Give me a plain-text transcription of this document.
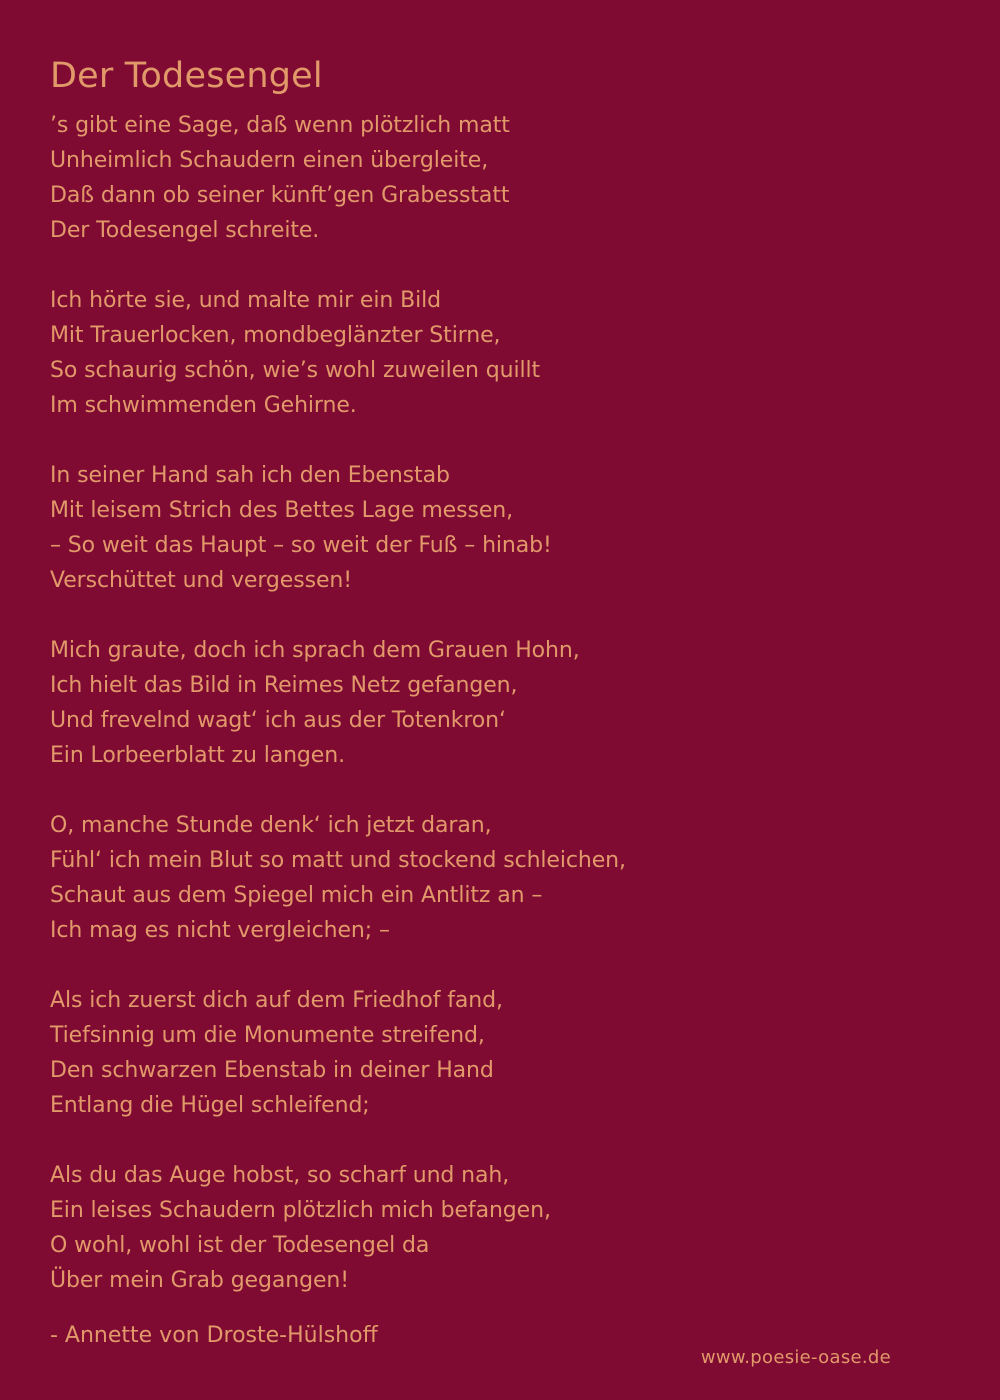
Der Todesengel

’s gibt eine Sage, daß wenn plötzlich matt
Unheimlich Schaudern einen übergleite,
Daß dann ob seiner künft’gen Grabesstatt
Der Todesengel schreite.

Ich hörte sie, und malte mir ein Bild
Mit Trauerlocken, mondbeglänzter Stirne,
So schaurig schön, wie’s wohl zuweilen quillt
Im schwimmenden Gehirne.

In seiner Hand sah ich den Ebenstab
Mit leisem Strich des Bettes Lage messen,
– So weit das Haupt – so weit der Fuß – hinab!
Verschüttet und vergessen!

Mich graute, doch ich sprach dem Grauen Hohn,
Ich hielt das Bild in Reimes Netz gefangen,
Und frevelnd wagt‘ ich aus der Totenkron‘
Ein Lorbeerblatt zu langen.

O, manche Stunde denk‘ ich jetzt daran,
Fühl‘ ich mein Blut so matt und stockend schleichen,
Schaut aus dem Spiegel mich ein Antlitz an –
Ich mag es nicht vergleichen; –

Als ich zuerst dich auf dem Friedhof fand,
Tiefsinnig um die Monumente streifend,
Den schwarzen Ebenstab in deiner Hand
Entlang die Hügel schleifend;

Als du das Auge hobst, so scharf und nah,
Ein leises Schaudern plötzlich mich befangen,
O wohl, wohl ist der Todesengel da
Über mein Grab gegangen!

- Annette von Droste-Hülshoff
www.poesie-oase.de
